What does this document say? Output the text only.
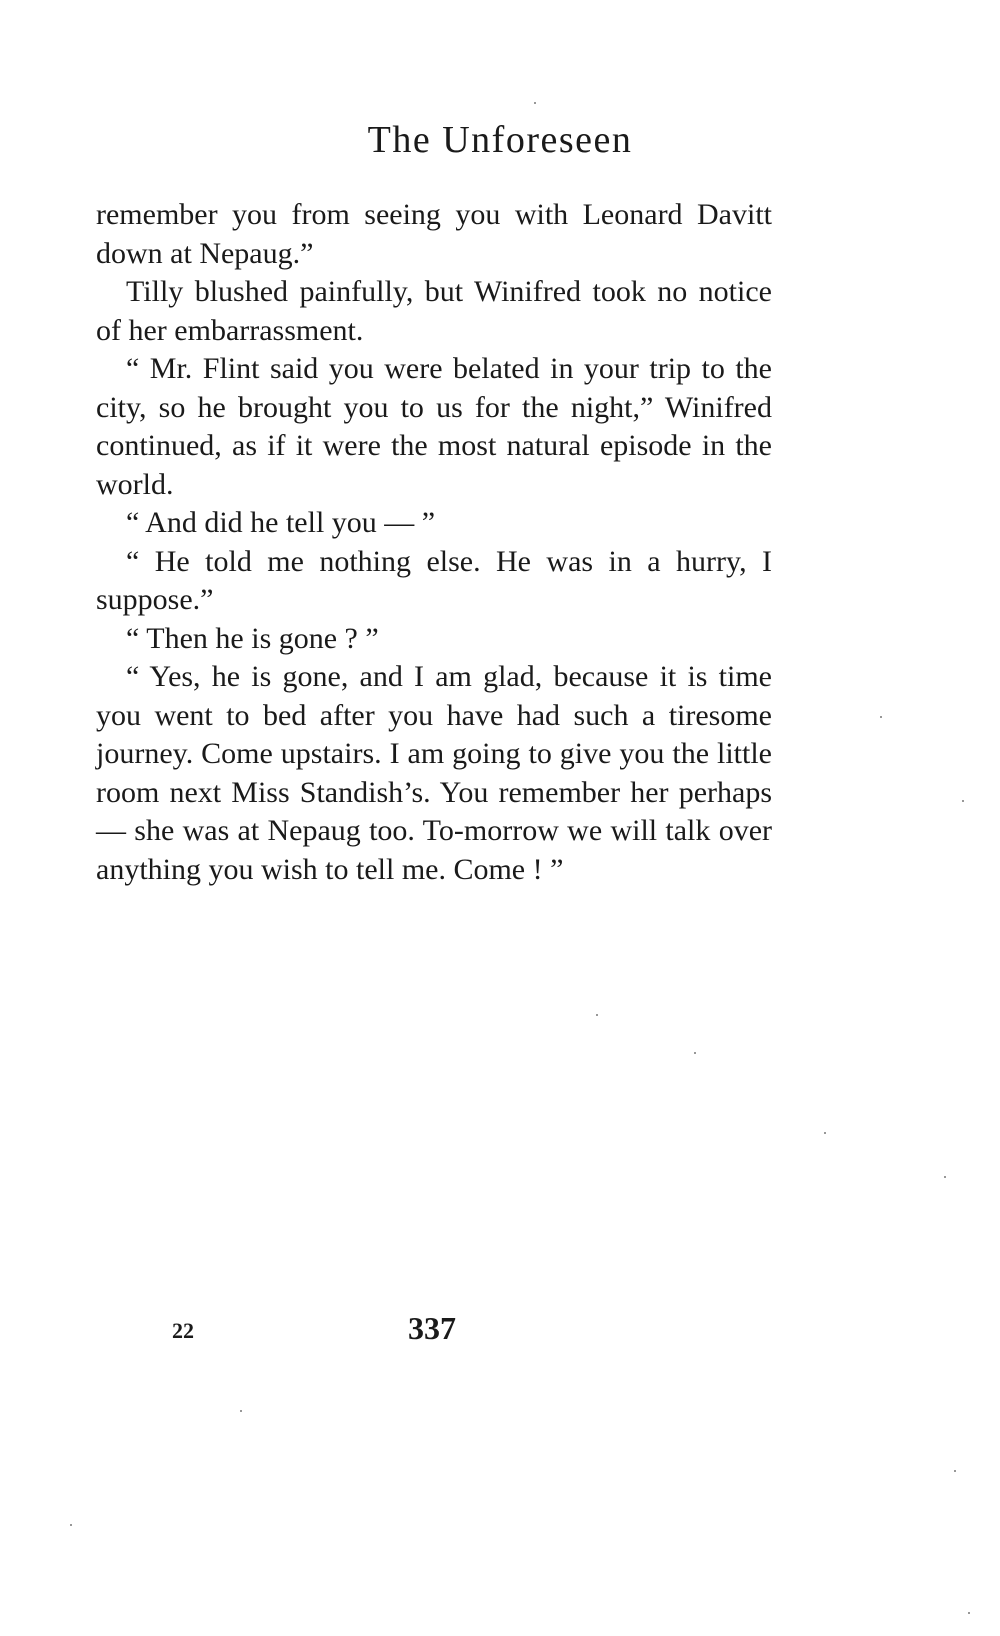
The Unforeseen

remember you from seeing you with Leonard Davitt down at Nepaug.”

Tilly blushed painfully, but Winifred took no notice of her embarrassment.

“ Mr. Flint said you were belated in your trip to the city, so he brought you to us for the night,” Winifred continued, as if it were the most natural episode in the world.

“ And did he tell you — ”

“ He told me nothing else. He was in a hurry, I suppose.”

“ Then he is gone ? ”

“ Yes, he is gone, and I am glad, because it is time you went to bed after you have had such a tiresome journey. Come upstairs. I am going to give you the little room next Miss Standish’s. You remember her perhaps — she was at Nepaug too. To-morrow we will talk over anything you wish to tell me. Come ! ”

22	337
